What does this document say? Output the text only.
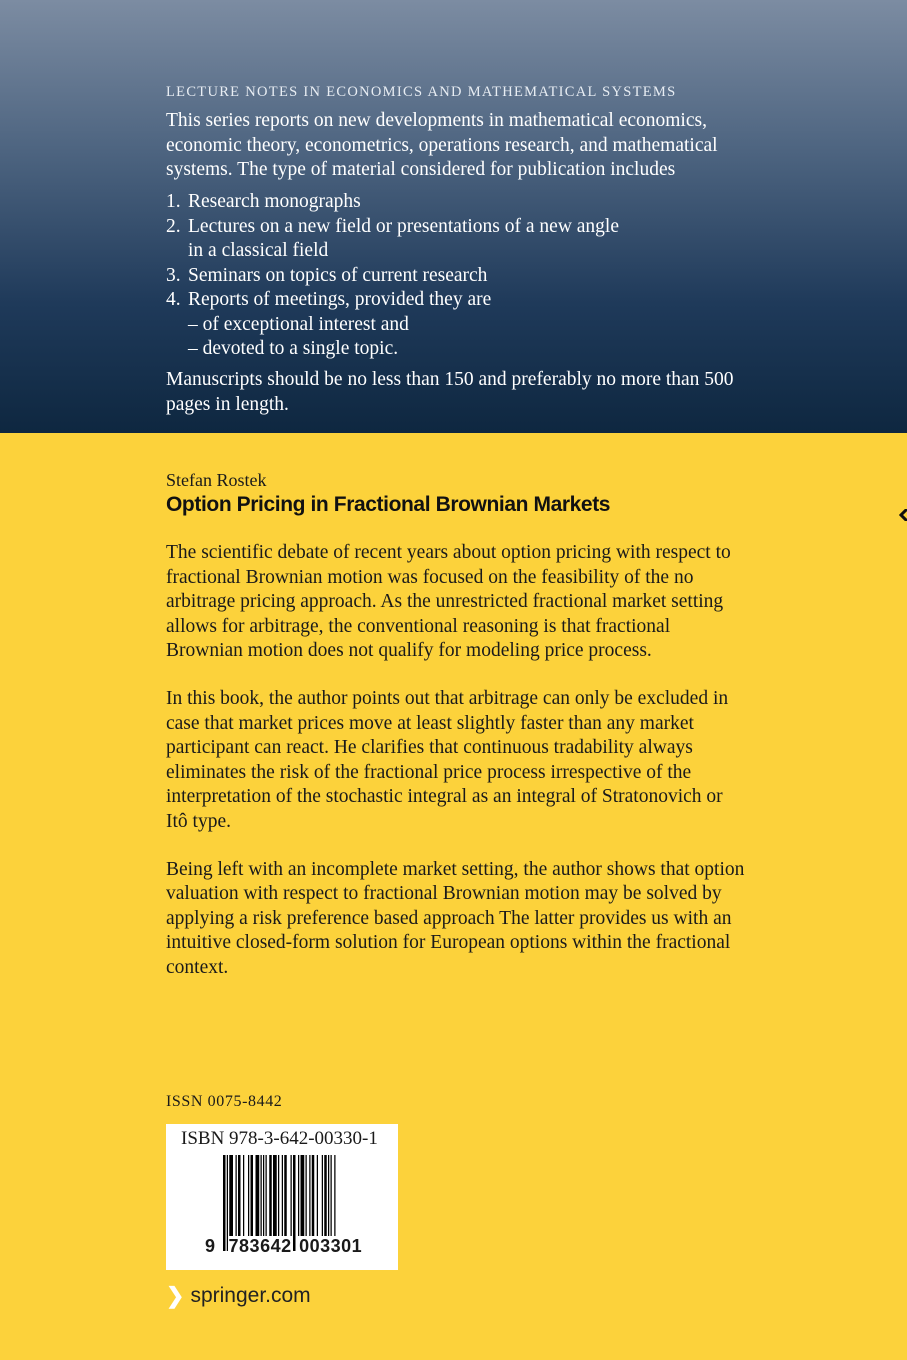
LECTURE NOTES IN ECONOMICS AND MATHEMATICAL SYSTEMS
This series reports on new developments in mathematical economics, economic theory, econometrics, operations research, and mathematical systems. The type of material considered for publication includes
1. Research monographs
2. Lectures on a new field or presentations of a new angle
in a classical field
3. Seminars on topics of current research
4. Reports of meetings, provided they are
– of exceptional interest and
– devoted to a single topic.
Manuscripts should be no less than 150 and preferably no more than 500 pages in length.
Stefan Rostek
Option Pricing in Fractional Brownian Markets

The scientific debate of recent years about option pricing with respect to fractional Brownian motion was focused on the feasibility of the no arbitrage pricing approach. As the unrestricted fractional market setting allows for arbitrage, the conventional reasoning is that fractional Brownian motion does not qualify for modeling price process.

In this book, the author points out that arbitrage can only be excluded in case that market prices move at least slightly faster than any market participant can react. He clarifies that continuous tradability always eliminates the risk of the fractional price process irrespective of the interpretation of the stochastic integral as an integral of Stratonovich or Itô type.

Being left with an incomplete market setting, the author shows that option valuation with respect to fractional Brownian motion may be solved by applying a risk preference based approach The latter provides us with an intuitive closed-form solution for European options within the fractional context.

ISSN 0075-8442
ISBN 978-3-642-00330-1
9 783642 003301
❯ springer.com
